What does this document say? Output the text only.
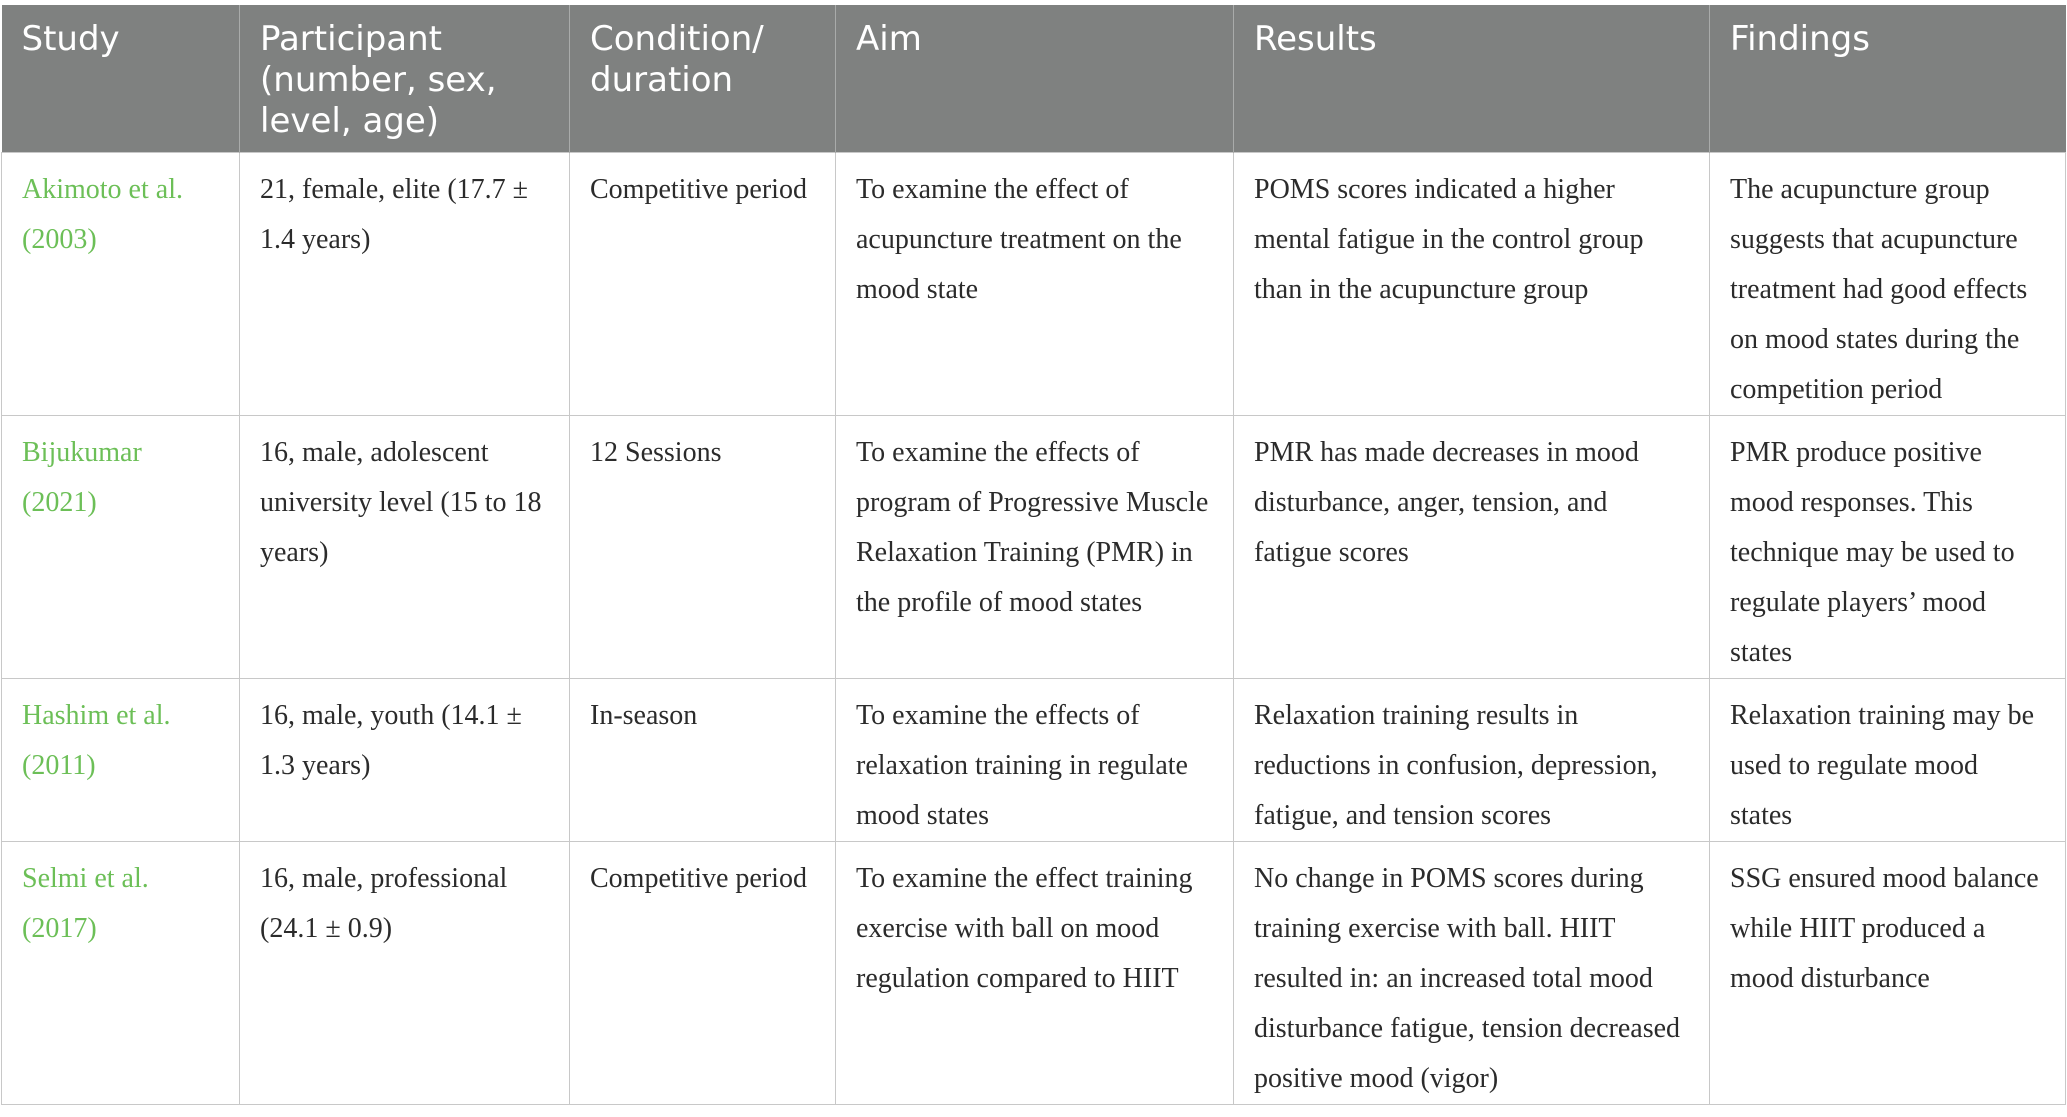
Study	Participant (number, sex, level, age)	Condition/ duration	Aim	Results	Findings
Akimoto et al. (2003)	21, female, elite (17.7 ± 1.4 years)	Competitive period	To examine the effect of acupuncture treatment on the mood state	POMS scores indicated a higher mental fatigue in the control group than in the acupuncture group	The acupuncture group suggests that acupuncture treatment had good effects on mood states during the competition period
Bijukumar (2021)	16, male, adolescent university level (15 to 18 years)	12 Sessions	To examine the effects of program of Progressive Muscle Relaxation Training (PMR) in the profile of mood states	PMR has made decreases in mood disturbance, anger, tension, and fatigue scores	PMR produce positive mood responses. This technique may be used to regulate players’ mood states
Hashim et al. (2011)	16, male, youth (14.1 ± 1.3 years)	In-season	To examine the effects of relaxation training in regulate mood states	Relaxation training results in reductions in confusion, depression, fatigue, and tension scores	Relaxation training may be used to regulate mood states
Selmi et al. (2017)	16, male, professional (24.1 ± 0.9)	Competitive period	To examine the effect training exercise with ball on mood regulation compared to HIIT	No change in POMS scores during training exercise with ball. HIIT resulted in: an increased total mood disturbance fatigue, tension decreased positive mood (vigor)	SSG ensured mood balance while HIIT produced a mood disturbance
